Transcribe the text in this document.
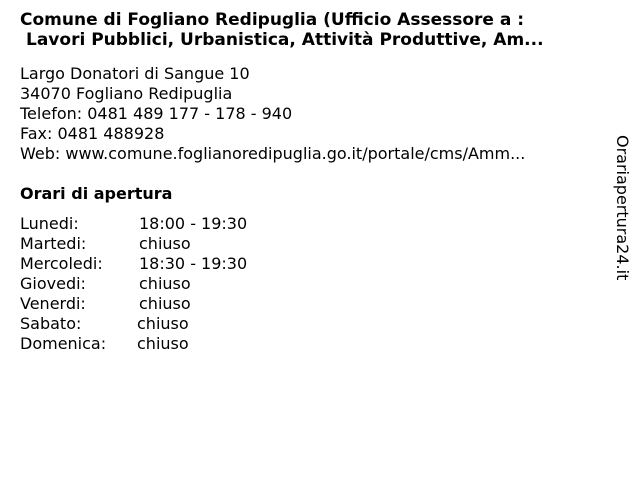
Comune di Fogliano Redipuglia (Ufficio Assessore a :
Lavori Pubblici, Urbanistica, Attività Produttive, Am...
Largo Donatori di Sangue 10
34070 Fogliano Redipuglia
Telefon: 0481 489 177 - 178 - 940
Fax: 0481 488928
Web: www.comune.foglianoredipuglia.go.it/portale/cms/Amm...
Orari di apertura
Lunedi:	18:00 - 19:30
Martedi:	chiuso
Mercoledi: 18:30 - 19:30
Giovedi:	chiuso
Venerdi:	chiuso
Sabato:	chiuso
Domenica: chiuso
Orariapertura24.it
